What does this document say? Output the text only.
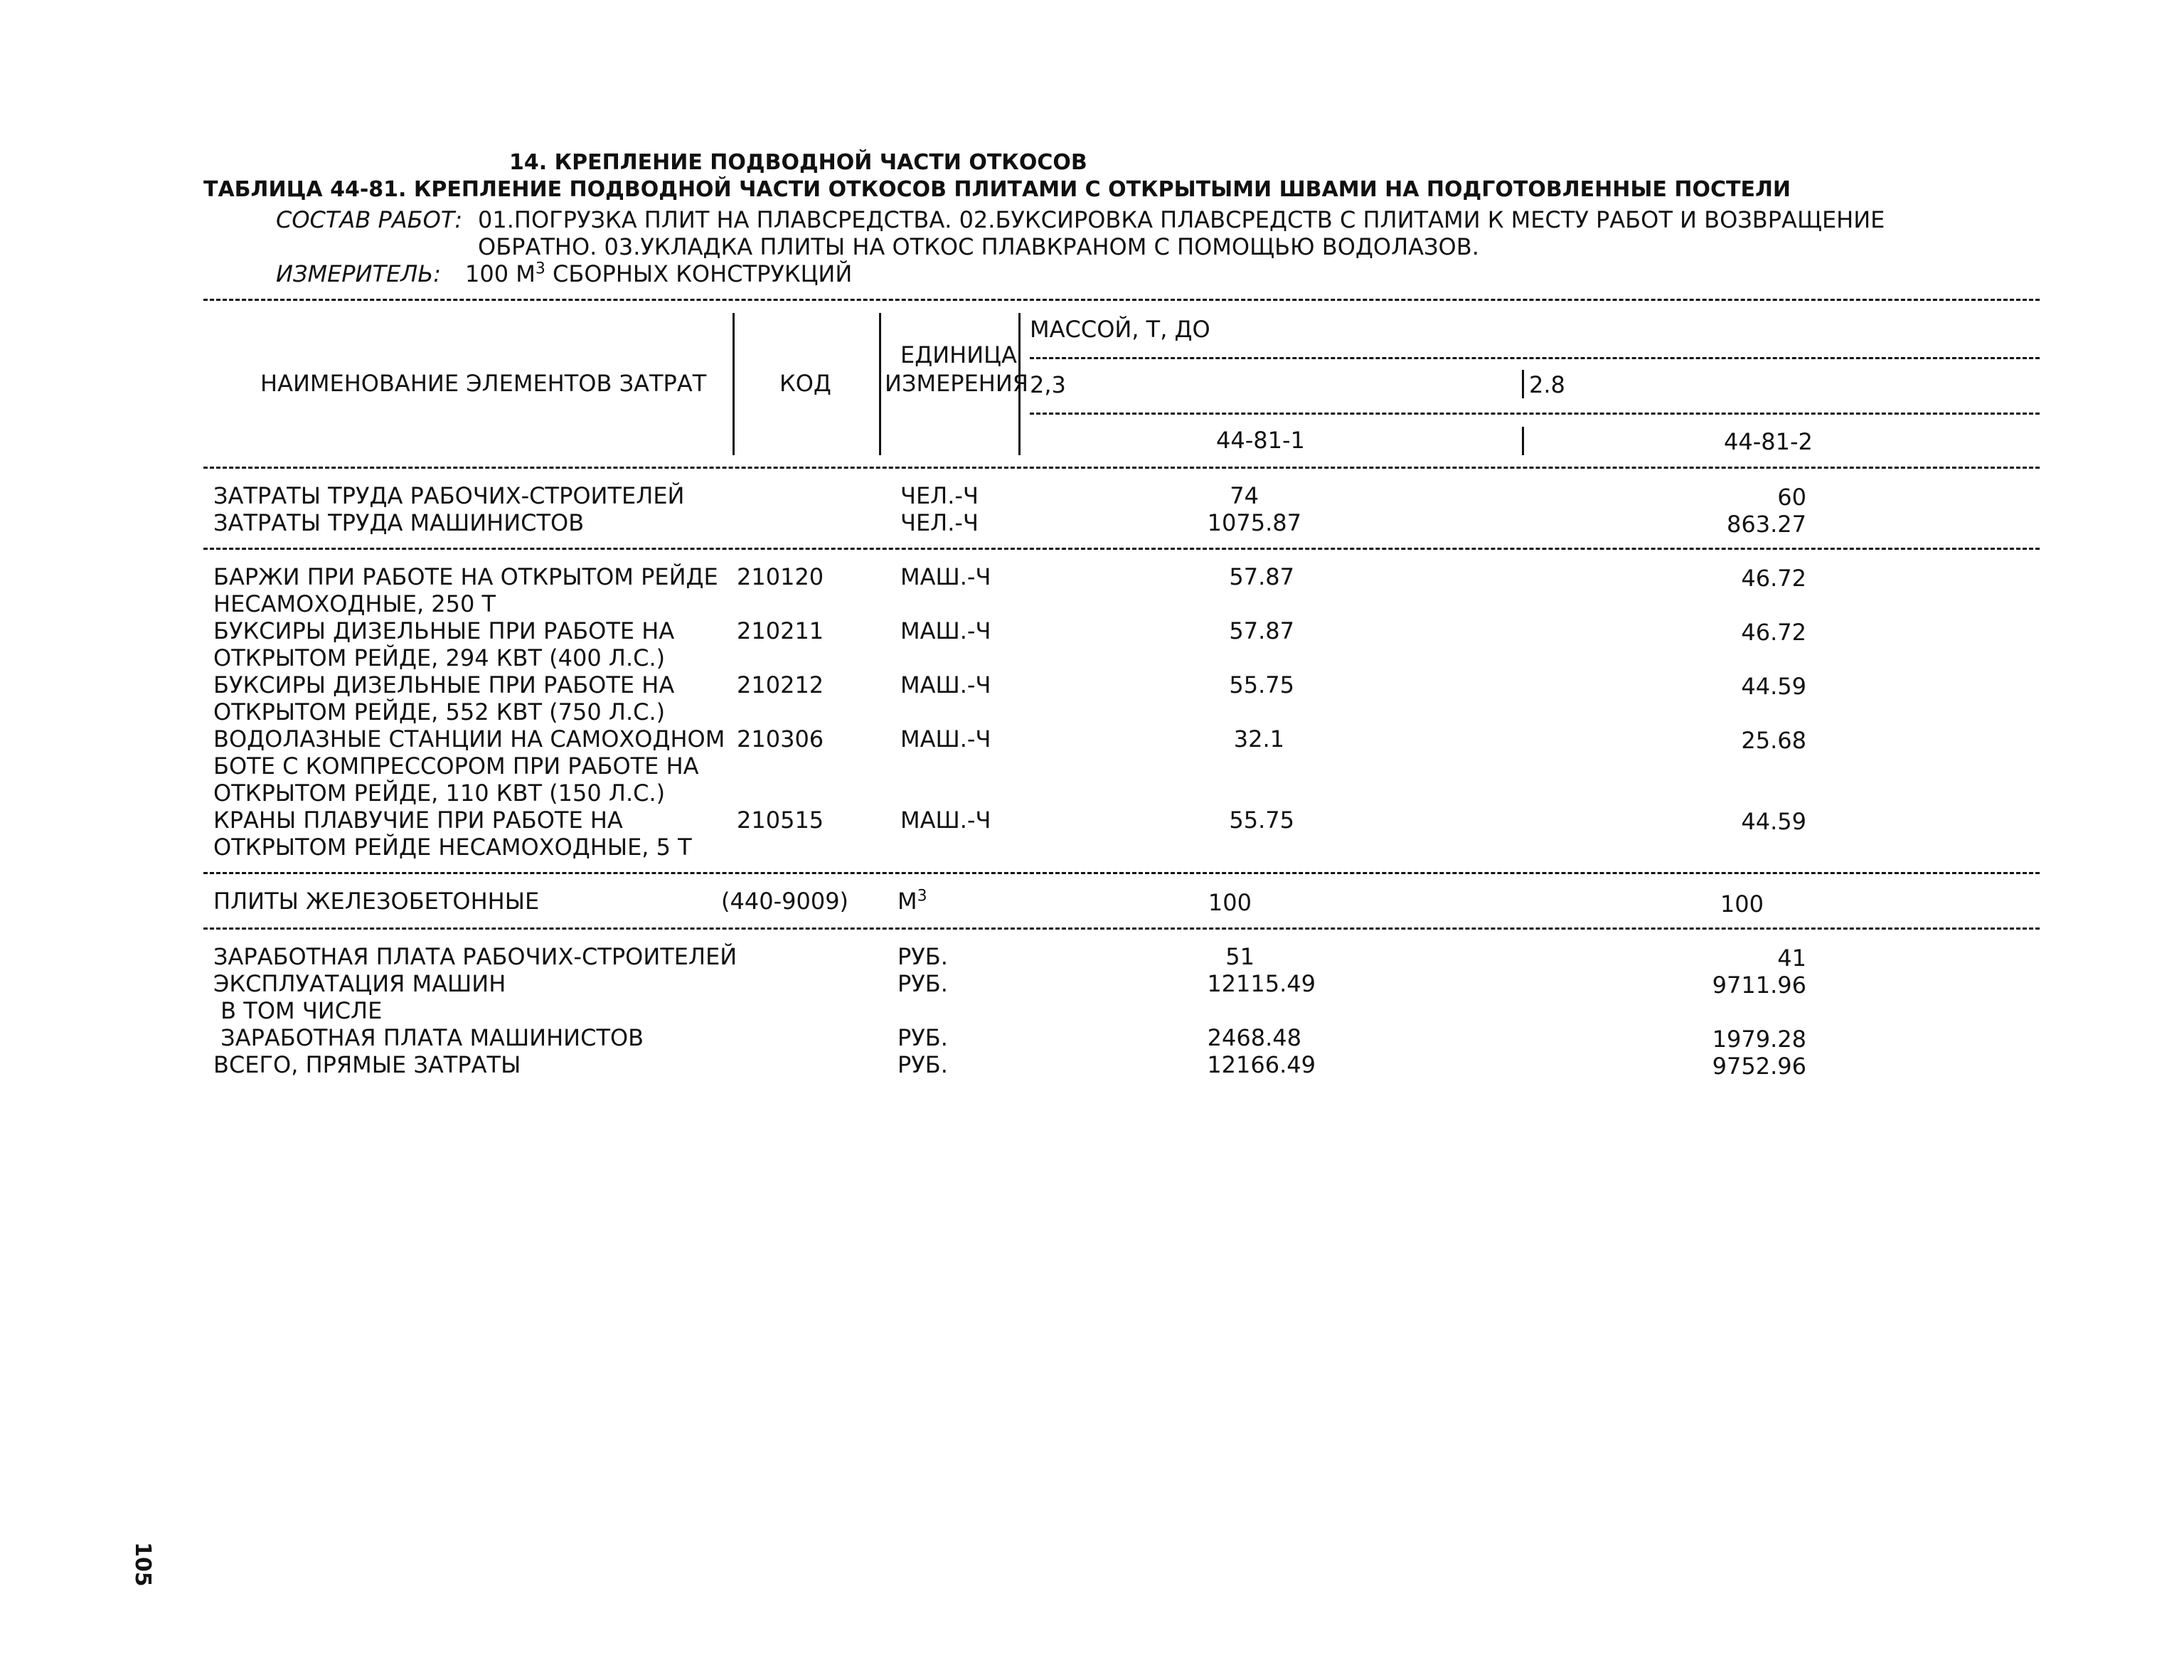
14. КРЕПЛЕНИЕ ПОДВОДНОЙ ЧАСТИ ОТКОСОВ
ТАБЛИЦА 44-81. КРЕПЛЕНИЕ ПОДВОДНОЙ ЧАСТИ ОТКОСОВ ПЛИТАМИ С ОТКРЫТЫМИ ШВАМИ НА ПОДГОТОВЛЕННЫЕ ПОСТЕЛИ
СОСТАВ РАБОТ: 01.ПОГРУЗКА ПЛИТ НА ПЛАВСРЕДСТВА. 02.БУКСИРОВКА ПЛАВСРЕДСТВ С ПЛИТАМИ К МЕСТУ РАБОТ И ВОЗВРАЩЕНИЕ
ОБРАТНО. 03.УКЛАДКА ПЛИТЫ НА ОТКОС ПЛАВКРАНОМ С ПОМОЩЬЮ ВОДОЛАЗОВ.
ИЗМЕРИТЕЛЬ: 100 $М^3$ СБОРНЫХ КОНСТРУКЦИЙ
НАИМЕНОВАНИЕ ЭЛЕМЕНТОВ ЗАТРАТ	КОД
ЕДИНИЦА
ИЗМЕРЕНИЯ
МАССОЙ, Т, ДО
2,3	2.8
44-81-1	44-81-2
ЗАТРАТЫ ТРУДА РАБОЧИХ-СТРОИТЕЛЕЙ	ЧЕЛ.-Ч	74	60
ЗАТРАТЫ ТРУДА МАШИНИСТОВ	ЧЕЛ.-Ч	1075.87	863.27
БАРЖИ ПРИ РАБОТЕ НА ОТКРЫТОМ РЕЙДЕ
НЕСАМОХОДНЫЕ, 250 Т
210120	МАШ.-Ч	57.87	46.72
БУКСИРЫ ДИЗЕЛЬНЫЕ ПРИ РАБОТЕ НА
ОТКРЫТОМ РЕЙДЕ, 294 КВТ (400 Л.С.)
210211	МАШ.-Ч	57.87	46.72
БУКСИРЫ ДИЗЕЛЬНЫЕ ПРИ РАБОТЕ НА
ОТКРЫТОМ РЕЙДЕ, 552 КВТ (750 Л.С.)
210212	МАШ.-Ч	55.75	44.59
ВОДОЛАЗНЫЕ СТАНЦИИ НА САМОХОДНОМ
БОТЕ С КОМПРЕССОРОМ ПРИ РАБОТЕ НА
ОТКРЫТОМ РЕЙДЕ, 110 КВТ (150 Л.С.)
210306	МАШ.-Ч	32.1	25.68
КРАНЫ ПЛАВУЧИЕ ПРИ РАБОТЕ НА
ОТКРЫТОМ РЕЙДЕ НЕСАМОХОДНЫЕ, 5 Т
210515	МАШ.-Ч	55.75	44.59
ПЛИТЫ ЖЕЛЕЗОБЕТОННЫЕ	(440-9009) $М^3$	100	100
ЗАРАБОТНАЯ ПЛАТА РАБОЧИХ-СТРОИТЕЛЕЙ	РУБ.	51	41
ЭКСПЛУАТАЦИЯ МАШИН	РУБ.	12115.49	9711.96
В ТОМ ЧИСЛЕ
ЗАРАБОТНАЯ ПЛАТА МАШИНИСТОВ	РУБ.	2468.48	1979.28
ВСЕГО, ПРЯМЫЕ ЗАТРАТЫ	РУБ.	12166.49	9752.96
105
